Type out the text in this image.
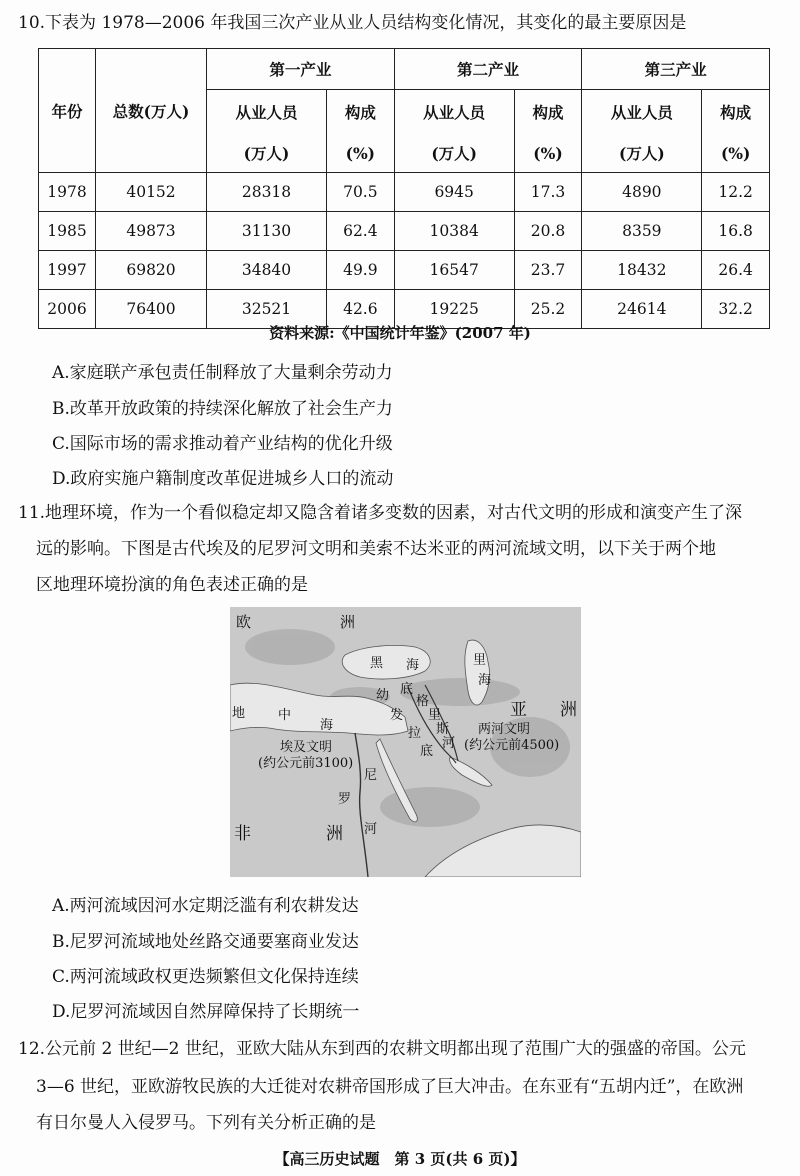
10.下表为 1978—2006 年我国三次产业从业人员结构变化情况，其变化的最主要原因是
年份	总数(万人)	第一产业		第二产业		第三产业	
		从业人员	构成	从业人员	构成	从业人员	构成
		(万人)	(%)	(万人)	(%)	(万人)	(%)
1978	40152	28318	70.5	6945	17.3	4890	12.2
1985	49873	31130	62.4	10384	20.8	8359	16.8
1997	69820	34840	49.9	16547	23.7	18432	26.4
2006	76400	32521	42.6	19225	25.2	24614	32.2
资料来源:《中国统计年鉴》(2007 年)
A.家庭联产承包责任制释放了大量剩余劳动力
B.改革开放政策的持续深化解放了社会生产力
C.国际市场的需求推动着产业结构的优化升级
D.政府实施户籍制度改革促进城乡人口的流动
11.地理环境，作为一个看似稳定却又隐含着诸多变数的因素，对古代文明的形成和演变产生了深
远的影响。下图是古代埃及的尼罗河文明和美索不达米亚的两河流域文明，以下关于两个地
区地理环境扮演的角色表述正确的是
欧	洲
黑 海	里
海
地	中
海
幼
发
拉
底
底
格
里
斯
河
亚 洲
两河文明
(约公元前4500)
埃及文明
(约公元前3100)
尼
罗
河
非	洲
A.两河流域因河水定期泛滥有利农耕发达
B.尼罗河流域地处丝路交通要塞商业发达
C.两河流域政权更迭频繁但文化保持连续
D.尼罗河流域因自然屏障保持了长期统一
12.公元前 2 世纪—2 世纪，亚欧大陆从东到西的农耕文明都出现了范围广大的强盛的帝国。公元
3—6 世纪，亚欧游牧民族的大迁徙对农耕帝国形成了巨大冲击。在东亚有“五胡内迁”，在欧洲
有日尔曼人入侵罗马。下列有关分析正确的是
【高三历史试题　第 3 页(共 6 页)】
